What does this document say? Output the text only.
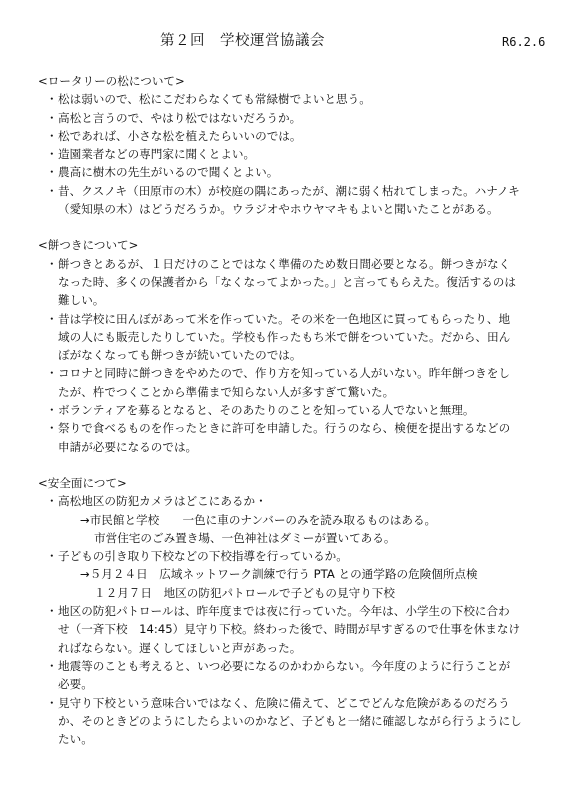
第２回　学校運営協議会	R6.2.6
<ロータリーの松について>
・ 松は弱いので、松にこだわらなくても常緑樹でよいと思う。
・ 高松と言うので、やはり松ではないだろうか。
・ 松であれば、小さな松を植えたらいいのでは。
・ 造園業者などの専門家に聞くとよい。
・ 農高に樹木の先生がいるので聞くとよい。
・ 昔、クスノキ（田原市の木）が校庭の隅にあったが、潮に弱く枯れてしまった。ハナノキ
（愛知県の木）はどうだろうか。ウラジオやホウヤマキもよいと聞いたことがある。
<餅つきについて>
・ 餅つきとあるが、１日だけのことではなく準備のため数日間必要となる。餅つきがなく
なった時、多くの保護者から「なくなってよかった。」と言ってもらえた。復活するのは
難しい。
・ 昔は学校に田んぼがあって米を作っていた。その米を一色地区に買ってもらったり、地
域の人にも販売したりしていた。学校も作ったもち米で餅をついていた。だから、田ん
ぼがなくなっても餅つきが続いていたのでは。
・ コロナと同時に餅つきをやめたので、作り方を知っている人がいない。昨年餅つきをし
たが、杵でつくことから準備まで知らない人が多すぎて驚いた。
・ ボランティアを募るとなると、そのあたりのことを知っている人でないと無理。
・ 祭りで食べるものを作ったときに許可を申請した。行うのなら、検便を提出するなどの
申請が必要になるのでは。
<安全面につて>
・ 高松地区の防犯カメラはどこにあるか・
→市民館と学校　　一色に車のナンバーのみを読み取るものはある。
市営住宅のごみ置き場、一色神社はダミーが置いてある。
・ 子どもの引き取り下校などの下校指導を行っているか。
→５月２４日　広域ネットワーク訓練で行う PTA との通学路の危険個所点検
１２月７日　地区の防犯パトロールで子どもの見守り下校
・ 地区の防犯パトロールは、昨年度までは夜に行っていた。今年は、小学生の下校に合わ
せ（一斉下校　14:45）見守り下校。終わった後で、時間が早すぎるので仕事を休まなけ
ればならない。遅くしてほしいと声があった。
・ 地震等のことも考えると、いつ必要になるのかわからない。今年度のように行うことが
必要。
・ 見守り下校という意味合いではなく、危険に備えて、どこでどんな危険があるのだろう
か、そのときどのようにしたらよいのかなど、子どもと一緒に確認しながら行うようにし
たい。
